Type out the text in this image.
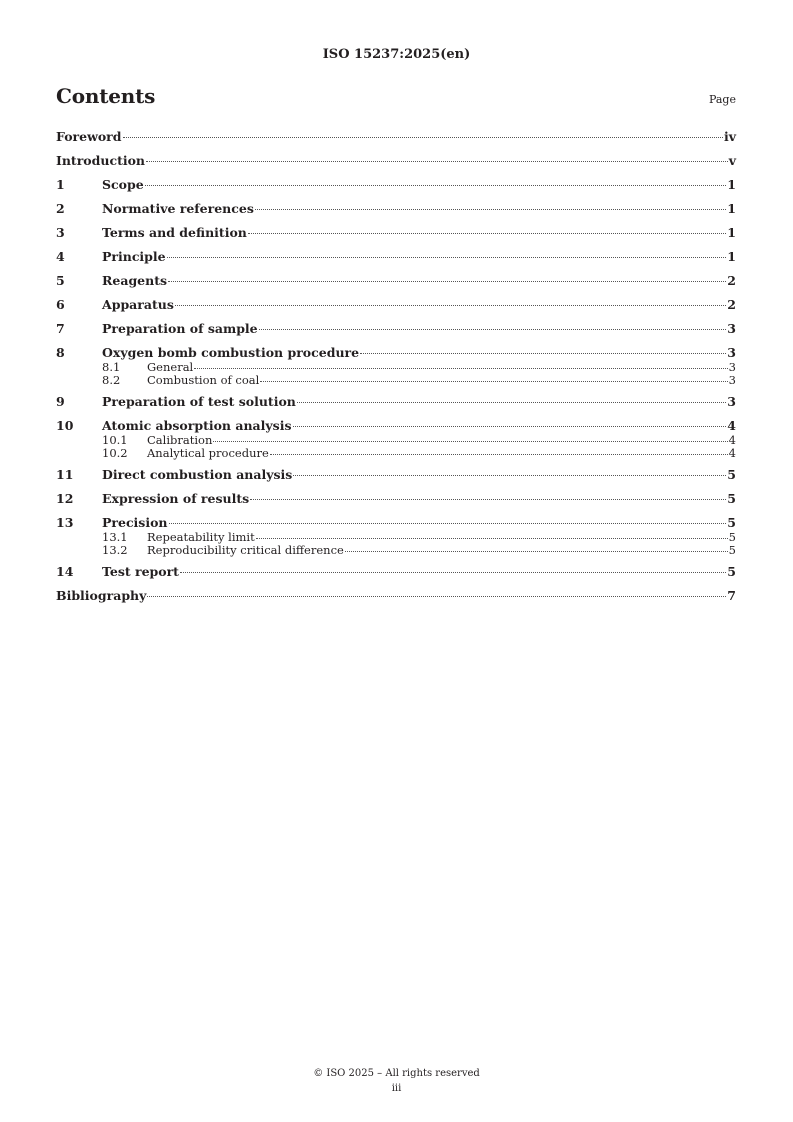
ISO 15237:2025(en)
Contents	Page
Foreword	iv
Introduction	v
1	Scope	1
2	Normative references	1
3	Terms and definition	1
4	Principle	1
5	Reagents	2
6	Apparatus	2
7	Preparation of sample	3
8	Oxygen bomb combustion procedure	3
8.1	General	3
8.2	Combustion of coal	3
9	Preparation of test solution	3
10	Atomic absorption analysis	4
10.1	Calibration	4
10.2	Analytical procedure	4
11	Direct combustion analysis	5
12	Expression of results	5
13	Precision	5
13.1	Repeatability limit	5
13.2	Reproducibility critical difference	5
14	Test report	5
Bibliography	7
© ISO 2025 – All rights reserved
iii
